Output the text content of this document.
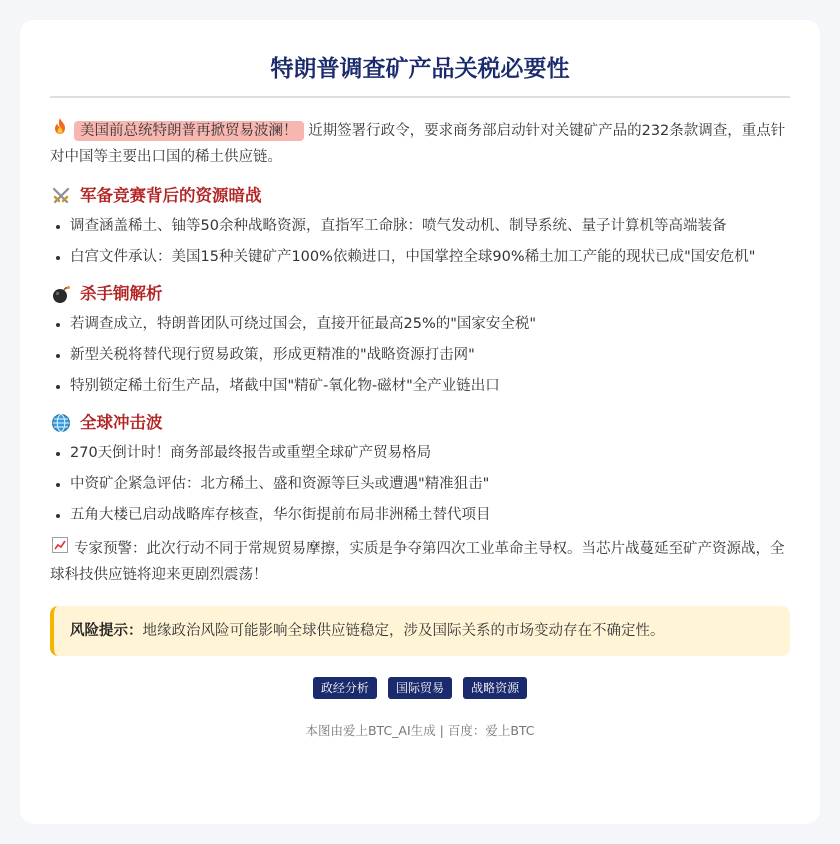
特朗普调查矿产品关税必要性
美国前总统特朗普再掀贸易波澜！ 近期签署行政令，要求商务部启动针对关键矿产品的232条款调查，重点针对中国等主要出口国的稀土供应链。
军备竞赛背后的资源暗战
调查涵盖稀土、铀等50余种战略资源，直指军工命脉：喷气发动机、制导系统、量子计算机等高端装备
白宫文件承认：美国15种关键矿产100%依赖进口，中国掌控全球90%稀土加工产能的现状已成"国安危机"
杀手锏解析
若调查成立，特朗普团队可绕过国会，直接开征最高25%的"国家安全税"
新型关税将替代现行贸易政策，形成更精准的"战略资源打击网"
特别锁定稀土衍生产品，堵截中国"精矿-氧化物-磁材"全产业链出口
全球冲击波
270天倒计时！商务部最终报告或重塑全球矿产贸易格局
中资矿企紧急评估：北方稀土、盛和资源等巨头或遭遇"精准狙击"
五角大楼已启动战略库存核查，华尔街提前布局非洲稀土替代项目
专家预警：此次行动不同于常规贸易摩擦，实质是争夺第四次工业革命主导权。当芯片战蔓延至矿产资源战，全球科技供应链将迎来更剧烈震荡！
风险提示：地缘政治风险可能影响全球供应链稳定，涉及国际关系的市场变动存在不确定性。
政经分析 国际贸易 战略资源
本图由爱上BTC_AI生成 | 百度：爱上BTC
